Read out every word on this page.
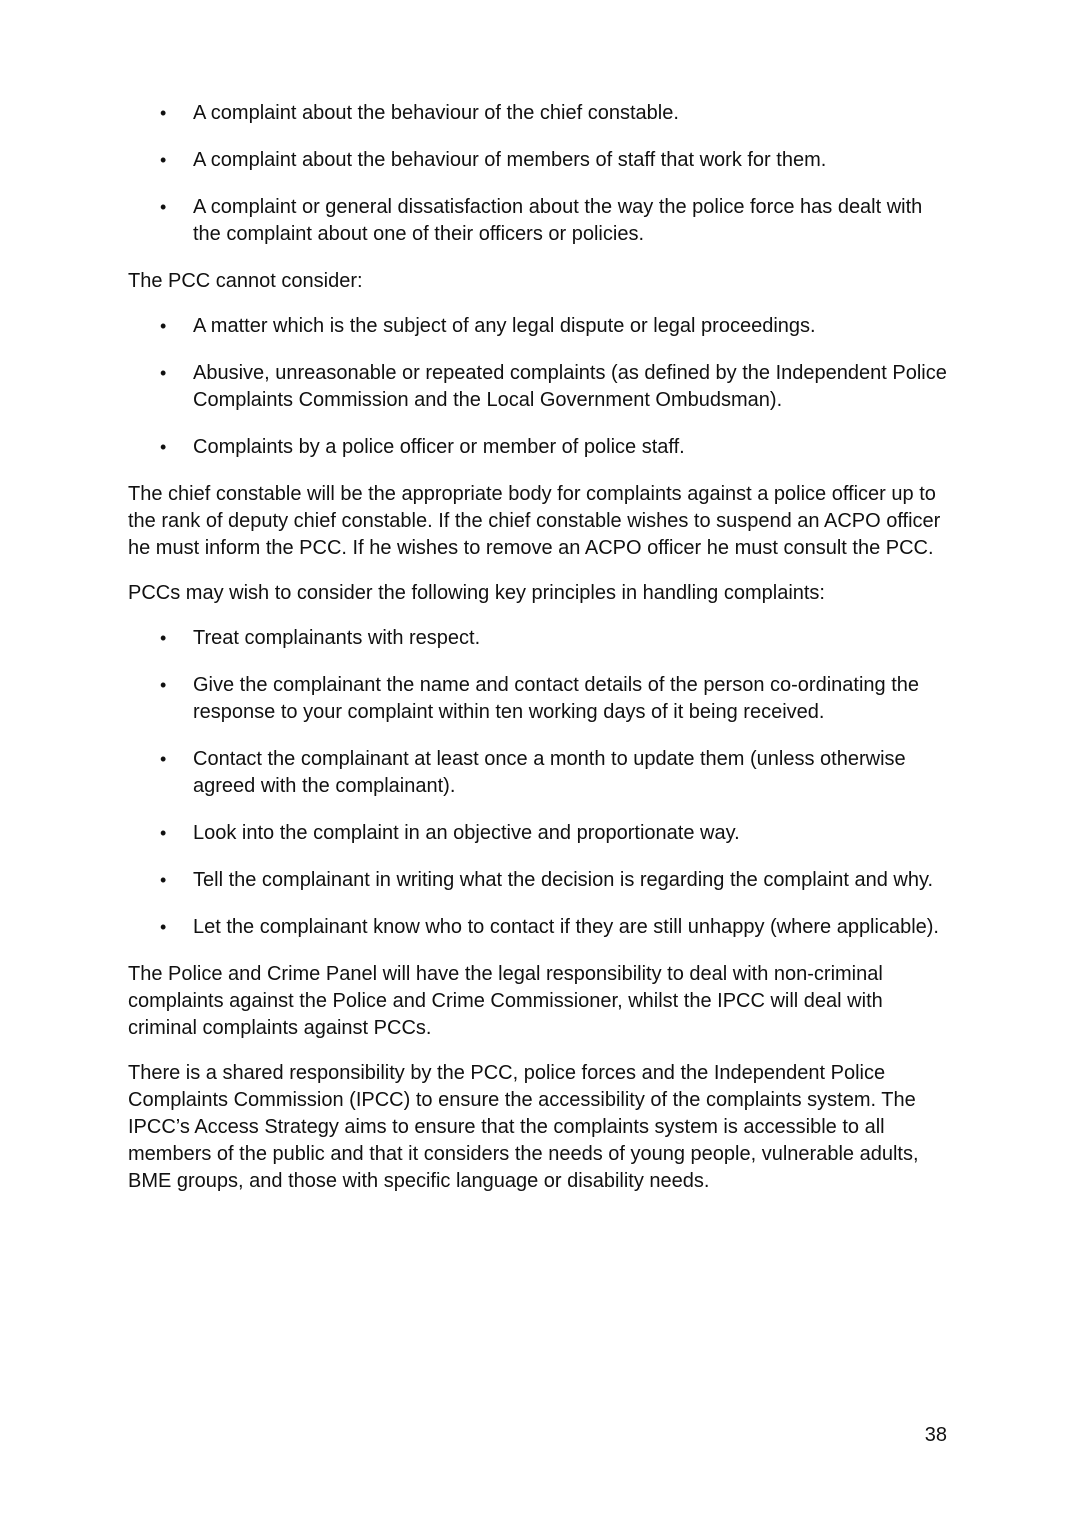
• A complaint about the behaviour of the chief constable.
• A complaint about the behaviour of members of staff that work for them.
• A complaint or general dissatisfaction about the way the police force has dealt with the complaint about one of their officers or policies.

The PCC cannot consider:

• A matter which is the subject of any legal dispute or legal proceedings.
• Abusive, unreasonable or repeated complaints (as defined by the Independent Police Complaints Commission and the Local Government Ombudsman).
• Complaints by a police officer or member of police staff.

The chief constable will be the appropriate body for complaints against a police officer up to the rank of deputy chief constable. If the chief constable wishes to suspend an ACPO officer he must inform the PCC. If he wishes to remove an ACPO officer he must consult the PCC.

PCCs may wish to consider the following key principles in handling complaints:

• Treat complainants with respect.
• Give the complainant the name and contact details of the person co-ordinating the response to your complaint within ten working days of it being received.
• Contact the complainant at least once a month to update them (unless otherwise agreed with the complainant).
• Look into the complaint in an objective and proportionate way.
• Tell the complainant in writing what the decision is regarding the complaint and why.
• Let the complainant know who to contact if they are still unhappy (where applicable).

The Police and Crime Panel will have the legal responsibility to deal with non-criminal complaints against the Police and Crime Commissioner, whilst the IPCC will deal with criminal complaints against PCCs.

There is a shared responsibility by the PCC, police forces and the Independent Police Complaints Commission (IPCC) to ensure the accessibility of the complaints system. The IPCC’s Access Strategy aims to ensure that the complaints system is accessible to all members of the public and that it considers the needs of young people, vulnerable adults, BME groups, and those with specific language or disability needs.

38
